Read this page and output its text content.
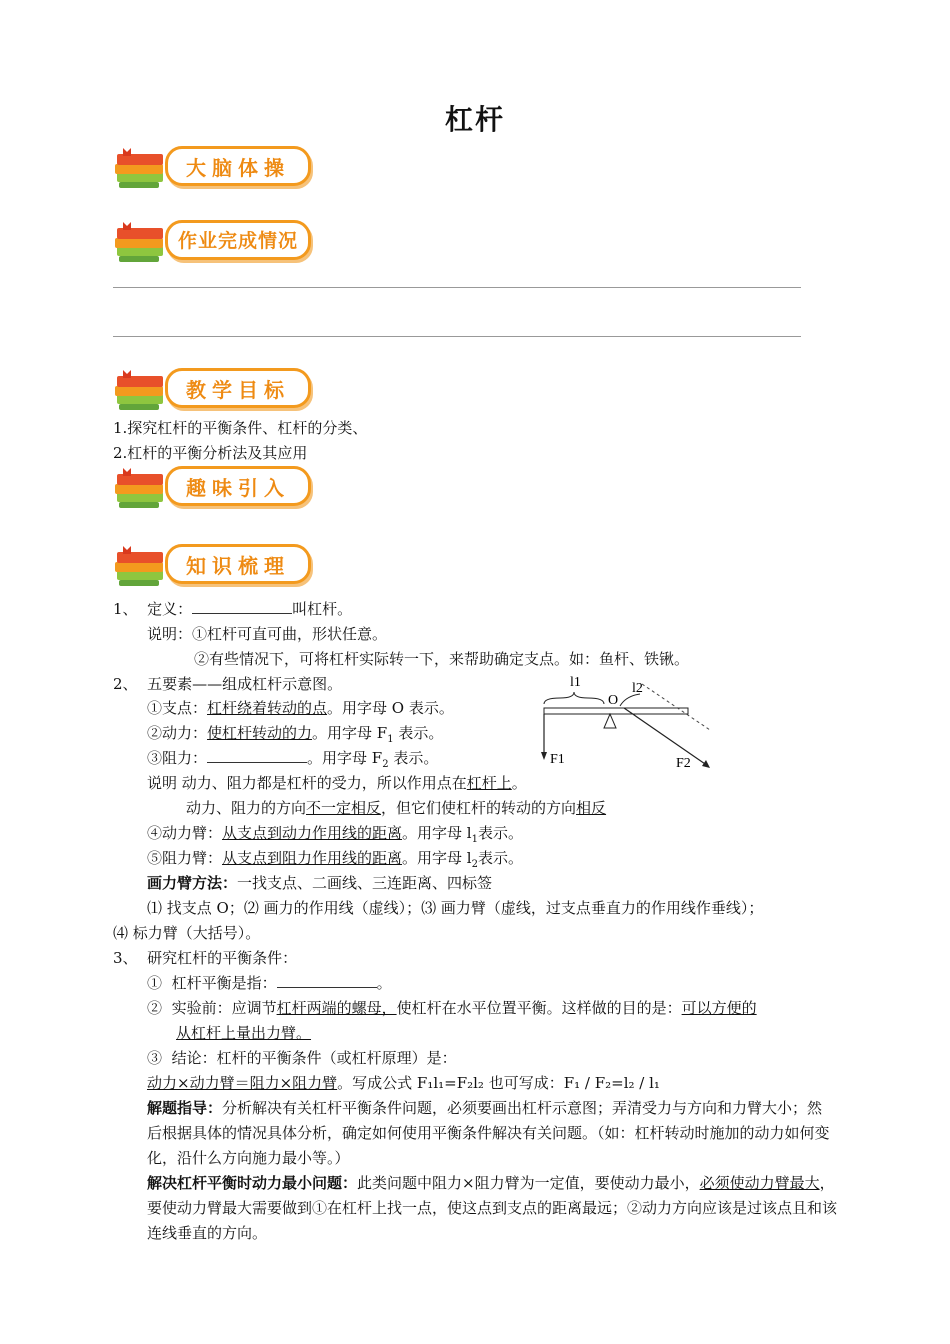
杠杆
大脑体操
作业完成情况
教学目标
1.探究杠杆的平衡条件、杠杆的分类、
2.杠杆的平衡分析法及其应用
趣味引入
知识梳理
1、 定义：	叫杠杆。
说明：①杠杆可直可曲，形状任意。
②有些情况下，可将杠杆实际转一下，来帮助确定支点。如：鱼杆、铁锹。
2、 五要素——组成杠杆示意图。
①支点：杠杆绕着转动的点。用字母 O 表示。
②动力：使杠杆转动的力。用字母 $F_1$ 表示。
③阻力：	。用字母 $F_2$ 表示。
说明 动力、阻力都是杠杆的受力，所以作用点在杠杆上。
动力、阻力的方向不一定相反，但它们使杠杆的转动的方向相反
④动力臂：从支点到动力作用线的距离。用字母 $l_1$表示。
⑤阻力臂：从支点到阻力作用线的距离。用字母 $l_2$表示。
画力臂方法：一找支点、二画线、三连距离、四标签
⑴ 找支点 O；⑵ 画力的作用线（虚线）；⑶ 画力臂（虚线，过支点垂直力的作用线作垂线）；
⑷ 标力臂（大括号）。
l1	l2
O
F1	F2
3、 研究杠杆的平衡条件：
① 杠杆平衡是指：	。
② 实验前：应调节杠杆两端的螺母，使杠杆在水平位置平衡。这样做的目的是：可以方便的
从杠杆上量出力臂。
③ 结论：杠杆的平衡条件（或杠杆原理）是：
动力×动力臂＝阻力×阻力臂。写成公式 F₁l₁=F₂l₂ 也可写成：F₁ / F₂=l₂ / l₁
解题指导：分析解决有关杠杆平衡条件问题，必须要画出杠杆示意图；弄清受力与方向和力臂大小；然后根据具体的情况具体分析，确定如何使用平衡条件解决有关问题。（如：杠杆转动时施加的动力如何变化，沿什么方向施力最小等。）
解决杠杆平衡时动力最小问题：此类问题中阻力×阻力臂为一定值，要使动力最小，必须使动力臂最大，要使动力臂最大需要做到①在杠杆上找一点，使这点到支点的距离最远；②动力方向应该是过该点且和该连线垂直的方向。
